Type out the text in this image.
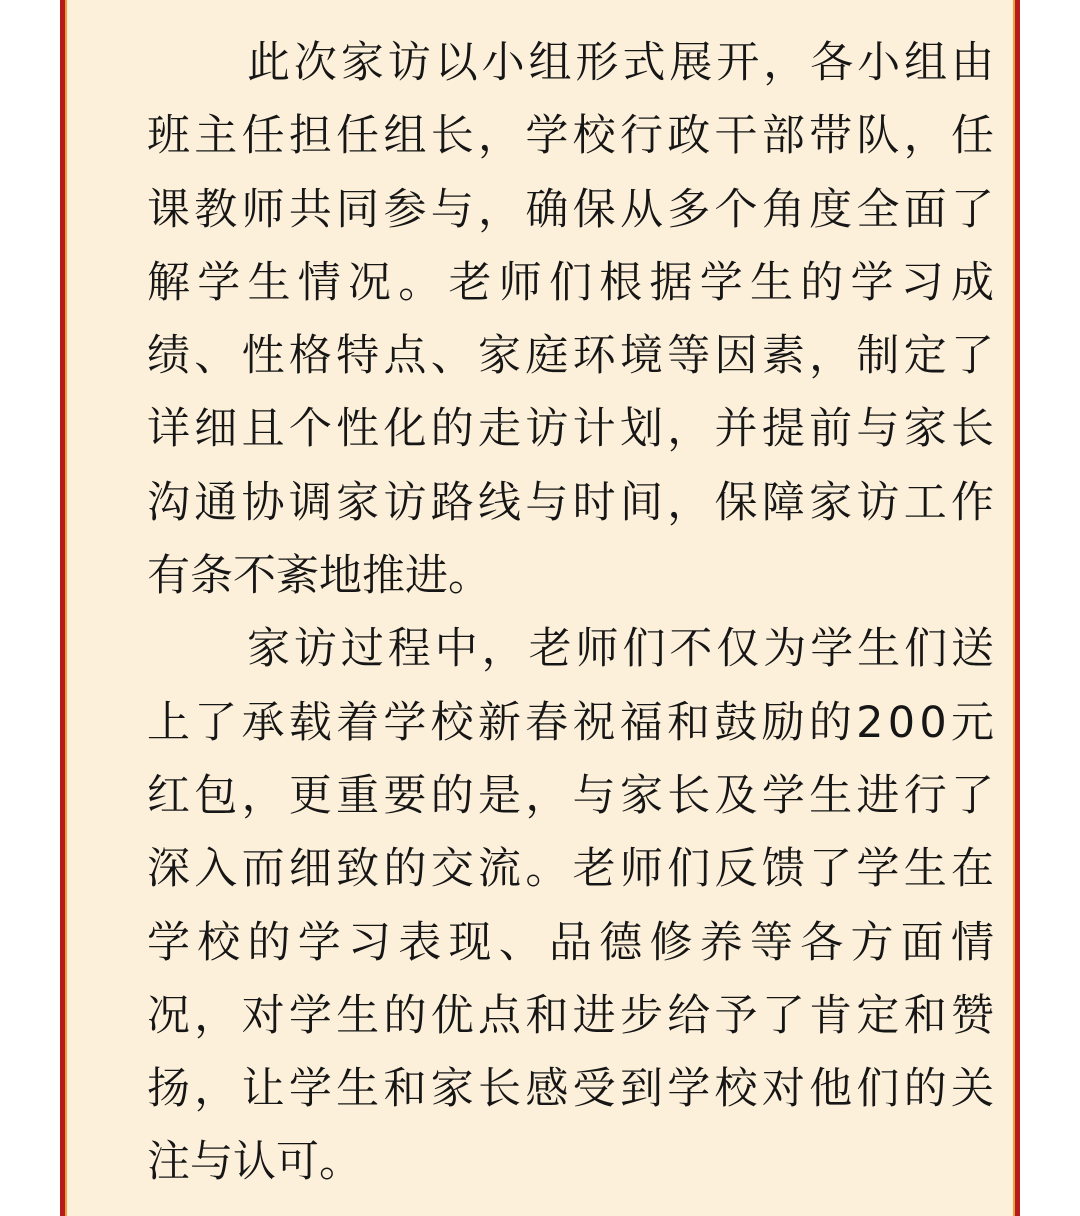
此次家访以小组形式展开，各小组由
班主任担任组长，学校行政干部带队，任
课教师共同参与，确保从多个角度全面了
解学生情况。老师们根据学生的学习成
绩、性格特点、家庭环境等因素，制定了
详细且个性化的走访计划，并提前与家长
沟通协调家访路线与时间，保障家访工作
有条不紊地推进。
家访过程中，老师们不仅为学生们送
上了承载着学校新春祝福和鼓励的200元
红包，更重要的是，与家长及学生进行了
深入而细致的交流。老师们反馈了学生在
学校的学习表现、品德修养等各方面情
况，对学生的优点和进步给予了肯定和赞
扬，让学生和家长感受到学校对他们的关
注与认可。
